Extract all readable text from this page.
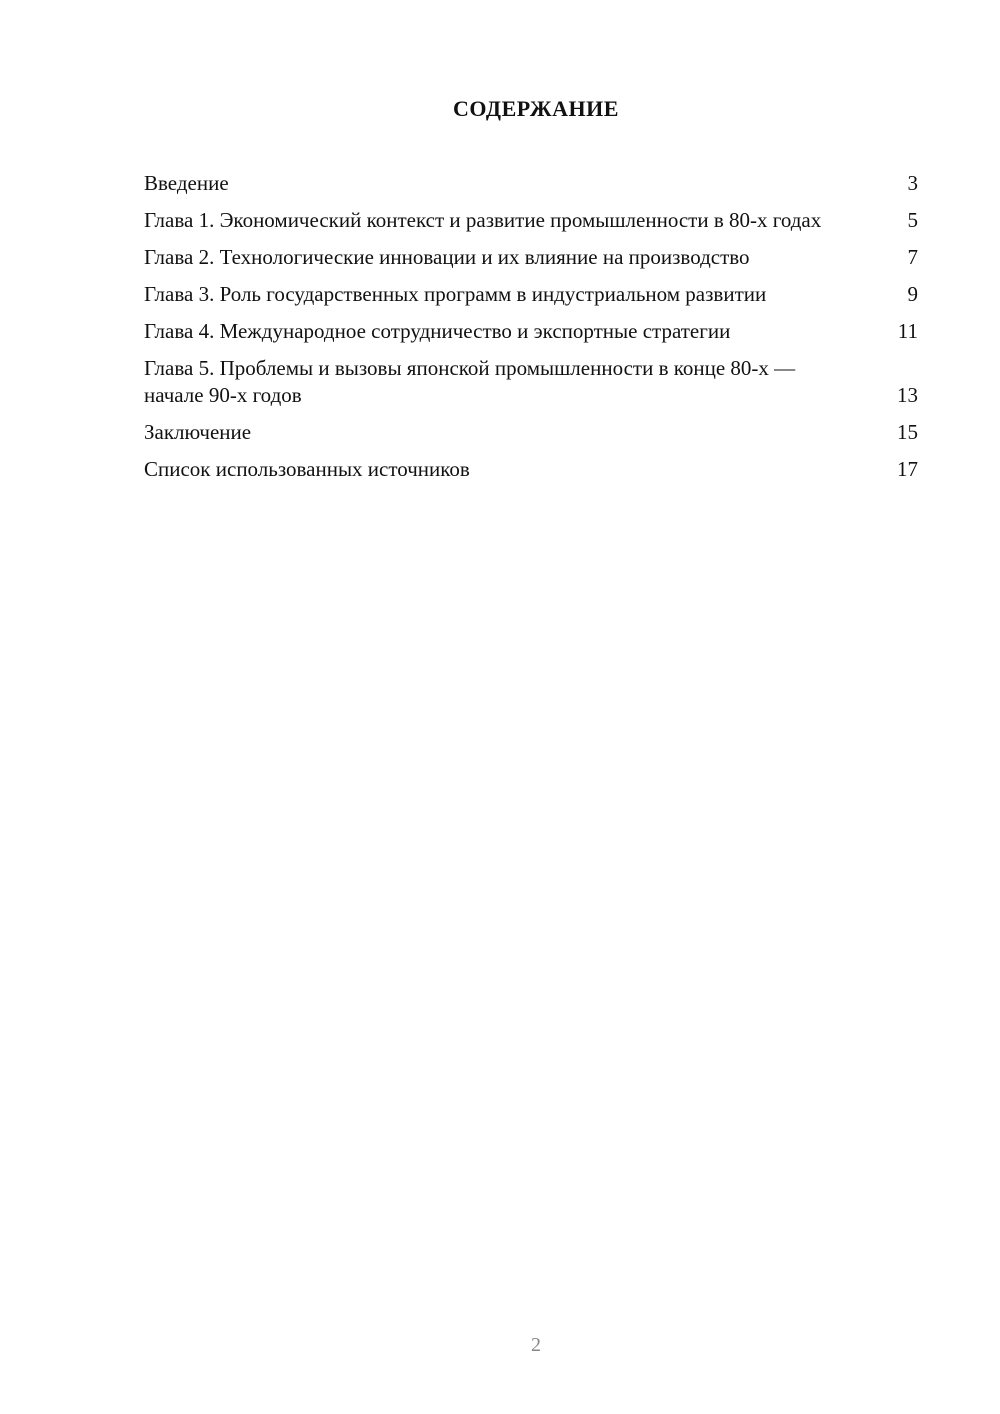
СОДЕРЖАНИЕ
Введение	3
Глава 1. Экономический контекст и развитие промышленности в 80-х годах	5
Глава 2. Технологические инновации и их влияние на производство	7
Глава 3. Роль государственных программ в индустриальном развитии	9
Глава 4. Международное сотрудничество и экспортные стратегии	11
Глава 5. Проблемы и вызовы японской промышленности в конце 80-х — начале 90-х годов	13
Заключение	15
Список использованных источников	17
2
